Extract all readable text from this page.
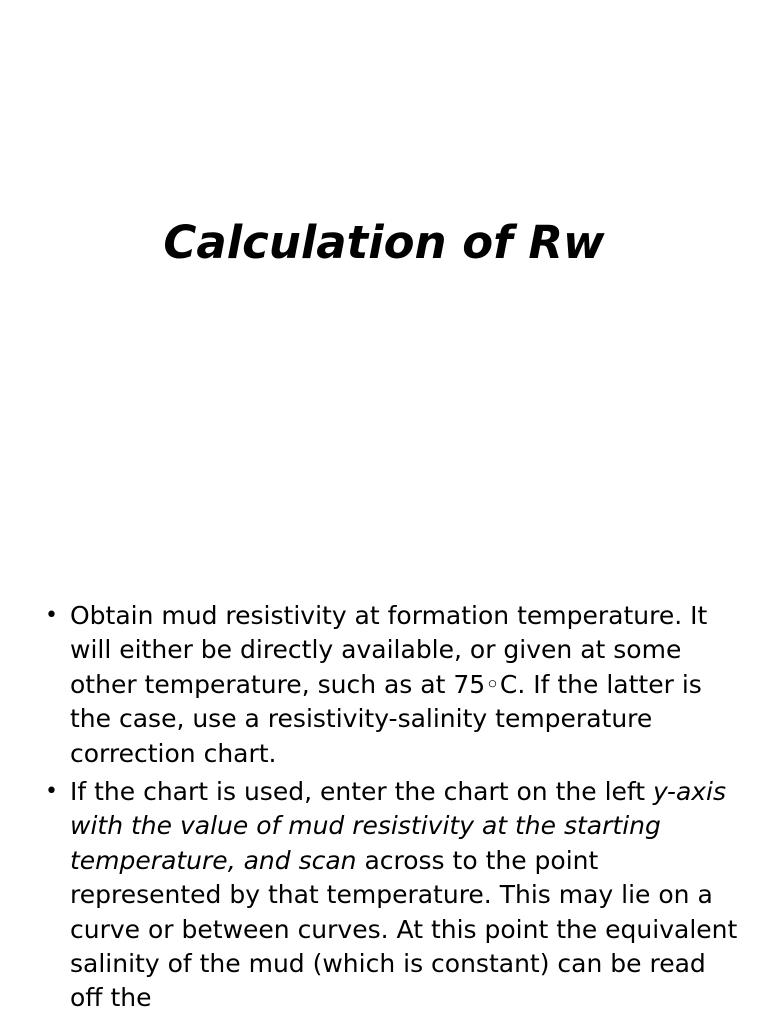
Calculation of Rw
• Obtain mud resistivity at formation temperature. It will either be directly available, or given at some other temperature, such as at 75◦C. If the latter is the case, use a resistivity-salinity temperature correction chart.
• If the chart is used, enter the chart on the left y-axis with the value of mud resistivity at the starting temperature, and scan across to the point represented by that temperature. This may lie on a curve or between curves. At this point the equivalent salinity of the mud (which is constant) can be read off the
